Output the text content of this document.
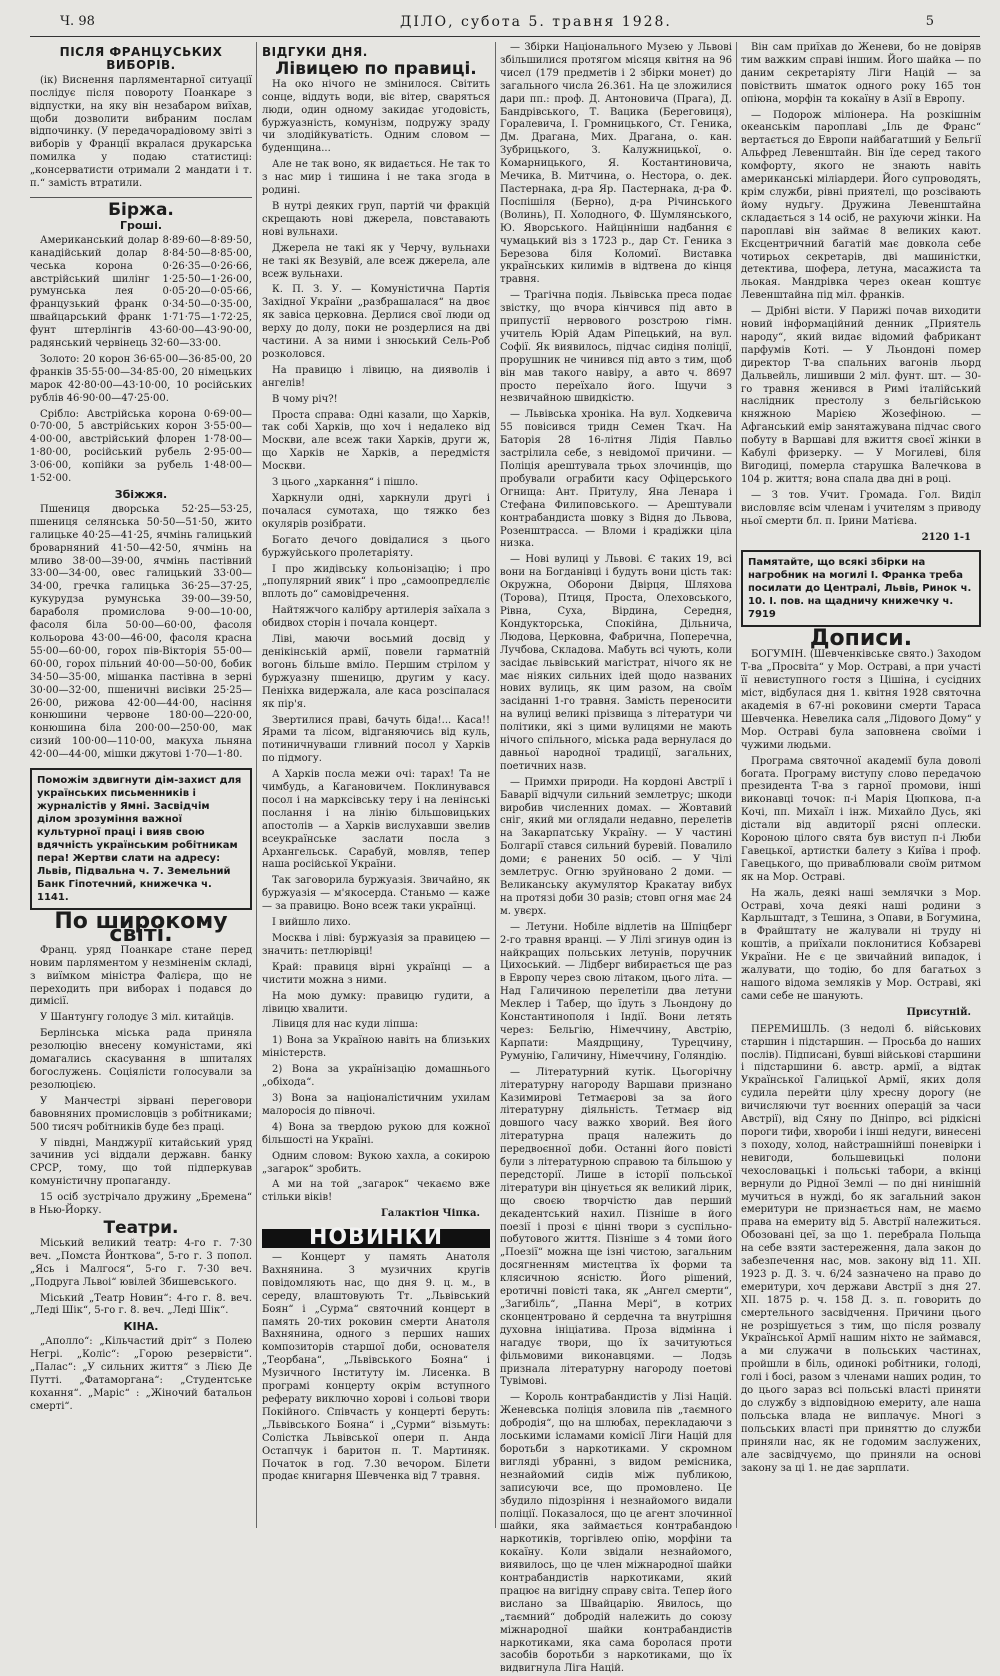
Ч. 98	ДІЛО, субота 5. травня 1928.	5
ПІСЛЯ ФРАНЦУСЬКИХ ВИБОРІВ.

(ік) Виснення парляментарної ситуації послідує після повороту Поанкаре з відпустки, на яку він незабаром виїхав, щоби дозволити вибраним послам відпочинку. (У передачорадіовому звіті з виборів у Франції вкралася друкарська помилка у подаю статистиці: „консерватисти отримали 2 мандати і т. п.“ замість втратили.

Біржа.
Гроші.

Американський долар 8·89·60—8·89·50, канадійський долар 8·84·50—8·85·00, чеська корона 0·26·35—0·26·66, австрійський шилінг 1·25·50—1·26·00, румунська лея 0·05·20—0·05·66, французький франк 0·34·50—0·35·00, швайцарський франк 1·71·75—1·72·25, фунт штерлінгів 43·60·00—43·90·00, радянський червінець 32·60—33·00.

Золото: 20 корон 36·65·00—36·85·00, 20 франків 35·55·00—34·85·00, 20 німецьких марок 42·80·00—43·10·00, 10 російських рублів 46·90·00—47·25·00.

Срібло: Австрійська корона 0·69·00—0·70·00, 5 австрійських корон 3·55·00—4·00·00, австрійський флорен 1·78·00—1·80·00, російський рубель 2·95·00—3·06·00, копійки за рубель 1·48·00—1·52·00.

Збіжжя.

Пшениця дворська 52·25—53·25, пшениця селянська 50·50—51·50, жито галицьке 40·25—41·25, ячмінь галицький броварняний 41·50—42·50, ячмінь на мливо 38·00—39·00, ячмінь пастівний 33·00—34·00, овес галицький 33·00—34·00, гречка галицька 36·25—37·25, кукурудза румунська 39·00—39·50, бараболя промислова 9·00—10·00, фасоля біла 50·00—60·00, фасоля кольорова 43·00—46·00, фасоля красна 55·00—60·00, горох пів-Вікторія 55·00—60·00, горох пільний 40·00—50·00, бобик 34·50—35·00, мішанка пастівна в зерні 30·00—32·00, пшеничні висівки 25·25—26·00, рижова 42·00—44·00, насіння конюшини червоне 180·00—220·00, конюшина біла 200·00—250·00, мак сизий 100·00—110·00, макуха льняна 42·00—44·00, мішки джутові 1·70—1·80.

Поможім здвигнути дім-захист для українських письменників і журналістів у Ямні. Засвідчім ділом зрозуміння важної культурної праці і вияв свою вдячність українським робітникам пера! Жертви слати на адресу: Львів, Підвальна ч. 7. Земельний Банк Гіпотечний, книжечка ч. 1141.
По широкому світі.

Франц. уряд Поанкаре стане перед новим парляментом у незміненім складі, з виїмком міністра Фалієра, що не переходить при виборах і подався до димісії.

У Шантунгу голодує 3 міл. китайців.

Берлінська міська рада приняла резолюцію внесену комуністами, які домагались скасування в шпиталях богослужень. Соціялісти голосували за резолюцією.

У Манчестрі зірвані переговори бавовняних промисловців з робітниками; 500 тисяч робітників буде без праці.

У півдні, Манджурії китайський уряд зачинив усі віддали державн. банку СРСР, тому, що той підперкував комуністичну пропаганду.

15 осіб зустрічало дружину „Бремена“ в Нью-Йорку.

Театри.

Міський великий театр: 4-го г. 7·30 веч. „Помста Йонткова“, 5-го г. 3 попол. „Ясь і Малгося“, 5-го г. 7·30 веч. „Подруга Львоі“ ювілей Збишевського.

Міський „Театр Новин“: 4-го г. 8. веч. „Леді Шік“, 5-го г. 8. веч. „Леді Шік“.

КІНА.

„Аполло“: „Кільчастий дріт“ з Полею Негрі. „Коліс“: „Горою резервісти“. „Палас“: „У сильних життя“ з Лією Де Путті. „Фатаморгана“: „Студентське кохання“. „Маріс“ : „Жіночий батальон смерті“.

ВІДГУКИ ДНЯ.
Лівицею по правиці.

На око нічого не змінилося. Світить сонце, віддуть води, віє вітер, сваряться люди, один одному закидає угодовість, буржуазність, комунізм, подружу зраду чи злодійкуватість. Одним словом — буденщина...

Але не так воно, як видається. Не так то з нас мир і тишина і не така згода в родині.

В нутрі деяких груп, партій чи фракцій скрещають нові джерела, повставають нові вульнахи.

Джерела не такі як у Черчу, вульнахи не такі як Везувій, але всеж джерела, але всеж вульнахи.

К. П. З. У. — Комуністична Партія Західної України „разбрашалася“ на двоє як завіса церковна. Дерлися свої люди од верху до долу, поки не роздерлися на дві частини. А за ними і знюський Сель-Роб розколовся.

На правицю і лівицю, на дияволів і ангелів!

В чому річ?!

Проста справа: Одні казали, що Харків, так собі Харків, що хоч і недалеко від Москви, але всеж таки Харків, други ж, що Харків не Харків, а передмістя Москви.

З цього „харкання“ і пішло.

Харкнули одні, харкнули другі і почалася сумотаха, що тяжко без окулярів розібрати.

Богато дечого довідалися з цього буржуйського пролетаріяту.

І про жидівську кольонізацію; і про „популярний явик“ і про „самоопредлєліє вплоть до“ самовідречення.

Найтяжчого калібру артилерія заїхала з обидвох сторін і почала концерт.

Ліві, маючи восьмий досвід у денікінській армії, повели гарматній вогонь більше вміло. Першим стрілом у буржуазну пшеницю, другим у касу. Пеніхка видержала, але каса розсіпалася як пір'я.

Звертилися праві, бачуть біда!... Каса!! Ярами та лісом, відганяючись від куль, потиничнуваши гливний посол у Харків по підмогу.

А Харків посла межи очі: тарах! Та не чимбудь, а Кагановичем. Поклинувався посол і на марксівську теру і на ленінські послання і на лінію більшовицьких апостолів — а Харків вислухавши звелив всеукраїнське заслати посла з Архангельськ. Сарабуй, мовляв, тепер наша російської України.

Так заговорила буржуазія. Звичайно, як буржуазія — м'якосерда. Станьмо — каже — за правицю. Воно всеж таки українці.

І вийшло лихо.

Москва і ліві: буржуазія за правицею — значить: петлюрівці!

Край: правиця вірні українці — а чистити можна з ними.

На мою думку: правицю гудити, а лівицю хвалити.

Лівиця для нас куди ліпша:

1) Вона за Україною навіть на близьких міністерств.

2) Вона за українізацію домашнього „обіхода“.

3) Вона за націоналістичним ухилам малоросія до півночі.

4) Вона за твердою рукою для кожної більшості на Україні.

Одним словом: Вукою хахла, а сокирою „загарок“ зробить.

А ми на той „загарок“ чекаємо вже стільки віків!

Галактіон Чіпка.
НОВИНКИ

— Концерт у память Анатоля Вахнянина. З музичних кругів повідомляють нас, що дня 9. ц. м., в середу, влаштовують Тт. „Львівський Боян“ і „Сурма“ святочний концерт в память 20-тих роковин смерти Анатоля Вахнянина, одного з перших наших композиторів старшої доби, основателя „Теорбана“, „Львівського Бояна“ і Музичного Інституту ім. Лисенка. В програмі концерту окрім вступного реферату виключно хорові і сольові твори Покійного. Співчасть у концерті беруть: „Львівського Бояна“ і „Сурми“ візьмуть: Солістка Львівської опери п. Анда Остапчук і баритон п. Т. Мартиняк. Початок в год. 7.30 вечором. Білети продає книгарня Шевченка від 7 травня.

— Збірки Національного Музею у Львові збільшилися протягом місяця квітня на 96 чисел (179 предметів і 2 збірки монет) до загального числа 26.361. На це зложилися дари пп.: проф. Д. Антоновича (Прага), Д. Бандрівського, Т. Вацика (Береговиця), Горалевича, І. Громницького, Ст. Геника, Дм. Драгана, Мих. Драгана, о. кан. Зубрицького, З. Калужницької, о. Комарницького, Я. Костантиновича, Мечика, В. Митчина, о. Нестора, о. дек. Пастернака, д-ра Яр. Пастернака, д-ра Ф. Поспішіля (Берно), д-ра Річинського (Волинь), П. Холодного, Ф. Шумлянського, Ю. Яворського. Найцінніши надбання є чумацький віз з 1723 р., дар Ст. Геника з Березова біля Коломиї. Виставка українських килимів в відтвена до кінця травня.

— Трагічна подія. Львівська преса подає звістку, що вчора кінчився під авто в припустії нервового розстрою гімн. учитель Юрій Адам Ріпецький, на вул. Софії. Як виявилось, підчас сидіня поліції, прорушник не чинився під авто з тим, щоб він мав такого навіру, а авто ч. 8697 просто переїхало його. Іщучи з незвичайною швидкістю.

— Львівська хроніка. На вул. Ходкевича 55 повісився тридн Семен Ткач. На Баторія 28 16-літня Лідія Павльо застрілила себе, з невідомої причини. — Поліція арештувала трьох злочинців, що пробували ограбити касу Офіцерського Огнища: Ант. Притулу, Яна Ленара і Стефана Филиповського. — Арештували контрабандиста шовку з Відня до Львова, Розенштрасса. — Вломи і крадіжки ціла низка.

— Нові вулиці у Львові. Є таких 19, всі вони на Богданівці і будуть вони цість так: Окружна, Оборони Двірця, Шляхова (Торова), Птиця, Проста, Олеховського, Рівна, Суха, Вірдина, Середня, Кондукторська, Спокійна, Дільнича, Людова, Церковна, Фабрична, Поперечна, Лучбова, Складова. Мабуть всі чують, коли засідає львівський магістрат, нічого як не має ніяких сильних ідей щодо названих нових вулиць, як цим разом, на своїм засіданні 1-го травня. Замість переносити на вулиці великі прізвища з літератури чи політики, які з цими вулицями не мають нічого спільного, міська рада вернулася до давньої народної традиції, загальних, поетичних назв.

— Примхи природи. На кордоні Австрії і Баварії відчули сильний землетрус; шкоди виробив численних домах. — Жовтавий сніг, який ми оглядали недавно, перелетів на Закарпатську Україну. — У частині Болгарії стався сильний буревій. Повалило доми; є ранених 50 осіб. — У Чілі землетрус. Огню зруйновано 2 доми. — Великанську акумулятор Кракатау вибух на протязі доби 30 разів; стовп огня має 24 м. увєрх.

— Летуни. Нобіле відлетів на Шпіцберг 2-го травня вранці. — У Лілі згинув один із найкращих польських летунів, поручник Цихоський. — Лідберг вибирається ще раз в Европу через свою літаком, цього літа. — Над Галичиною перелетіли два летуни Меклер і Табер, що їдуть з Льондону до Константинополя і Індії. Вони летять через: Бельгію, Німеччину, Австрію, Карпати: Маядрщину, Турецчину, Румунію, Галичину, Німеччину, Голяндію.

— Літературний кутік. Цьогорічну літературну нагороду Варшави признано Казимирові Тетмаєрові за за його літературну діяльність. Тетмаєр від довшого часу важко хворий. Вея його літературна праця належить до передвоєнної доби. Останні його повісті були з літературною справою та більшою у передсторії. Лише в історії польської літератури він цінується як великий лірик, що своєю творчістю дав перший декадентський нахил. Пізніше в його поезії і прозі є цінні твори з суспільно-побутового життя. Пізніше з 4 томи його „Поезії“ можна ще ізні чистою, загальним досягненням мистецтва їх форми та клясичною ясністю. Його рішений, еротичні повісті така, як „Ангел смерти“, „Загибіль“, „Панна Мері“, в котрих сконцентровано й сердечна та внутрішня духовна ініціатива. Проза відмінна і нагадує твори, що їх зачитуються фільмовими виконавцями. — Лодзь признала літературну нагороду поетові Тувімові.

— Король контрабандистів у Лізі Націй. Женевська поліція зловила пів „таємного добродія“, що на шлюбах, перекладаючи з лоськими ісламами комісії Ліги Націй для боротьби з наркотиками. У скромном вигляді убранні, з видом ремісника, незнайомий сидів між публикою, записуючи все, що промовлено. Це збудило підозріння і незнайомого видали поліції. Показалося, що це агент злочинної шайки, яка займається контрабандою наркотиків, торгівлею опію, морфіни та кокаїну. Коли звідали незнайомого, виявилось, що це член міжнародної шайки контрабандистів наркотиками, який працює на вигідну справу світа. Тепер його вислано за Швайцарію. Явилось, що „таємний“ добродій належить до союзу міжнародної шайки контрабандистів наркотиками, яка сама боролася проти засобів боротьби з наркотиками, що їх видвигнула Ліга Націй.

Він сам приїхав до Женеви, бо не довіряв тим важким справі іншим. Його шайка — по даним секретаріяту Ліги Націй — за повіствить шматок одного року 165 тон опіюна, морфін та кокаїну в Азії в Европу.

— Подорож міліонера. На розкішнім океанськім пароплаві „Іль де Франс“ вертається до Европи найбагатший у Бельгії Альфред Левенштайн. Він їде серед такого комфорту, якого не знають навіть американські міліардери. Його супроводять, крім служби, рівні приятелі, що розсівають йому нудьгу. Дружина Левенштайна складається з 14 осіб, не рахуючи жінки. На пароплаві він займає 8 великих кают. Ексцентричний багатій має довкола себе чотирьох секретарів, дві машиністки, детектива, шофера, летуна, масажиста та льокая. Мандрівка через океан коштує Левенштайна під міл. франків.

— Дрібні вісти. У Парижі почав виходити новий інформаційний денник „Приятель народу“, який видає відомий фабрикант парфумів Коті. — У Льондоні помер директор Т-ва спальних вагонів льорд Дальвейль, лишивши 2 міл. фунт. шт. — 30-го травня женився в Римі італійський наслідник престолу з бельгійською княжною Марією Жозефіною. — Афганський емір занятажувана підчас свого побуту в Варшаві для вжиття своєї жінки в Кабулі фризерку. — У Могилеві, біля Вигодиці, померла старушка Валечкова в 104 р. життя; вона спала два дні в році.

— З тов. Учит. Громада. Гол. Виділ висловляє всім членам і учителям з приводу ньої смерти бл. п. Ірини Матієва.

2120 1-1
Памятайте, що всякі збірки на нагробник на могилі І. Франка треба посилати до Централі, Львів, Ринок ч. 10. І. пов. на щадничу книжечку ч. 7919
Дописи.

БОГУМІН. (Шевченківське свято.) Заходом Т-ва „Просвіта“ у Мор. Остраві, а при участі її невиступного гостя з Цішіна, і сусідних міст, відбулася дня 1. квітня 1928 святочна академія в 67-ні роковини смерти Тараса Шевченка. Невелика саля „Лідового Дому“ у Мор. Остраві була заповнена своїми і чужими людьми.

Програма святочної академії була доволі богата. Програму виступу слово передачою президента Т-ва з гарної промови, інші виконавці точок: п-і Марія Цюпкова, п-а Кочі, пп. Михаїл і інж. Михайло Дусь, які дістали від авдиторії рясні оплески. Короною цілого свята був виступ п-і Люби Гавецької, артистки балету з Київа і проф. Гавецького, що приваблювали своїм ритмом як на Мор. Остраві.

На жаль, деякі наші землячки з Мор. Остраві, хоча деякі наші родини з Карльштадт, з Тешина, з Опави, в Богумина, в Фрайштату не жалували ні труду ні коштів, а приїхали поклонитися Кобзареві України. Не є це звичайний випадок, і жалувати, що тодію, бо для багатьох з нашого відома земляків у Мор. Остраві, які сами себе не шанують.

Присутній.

ПЕРЕМИШЛЬ. (З недолі б. військових старшин і підстаршин. — Просьба до наших послів). Підписані, бувші військові старшини і підстаршини 6. австр. армії, а відтак Української Галицької Армії, яких доля судила перейти цілу хресну дорогу (не вичисляючи тут воєнних операцій за часи Австрії), від Сяну по Дніпро, всі рідкісні пороги тифи, хвороби і інші недуги, винесені з походу, холод, найстрашнійші поневірки і невигоди, большевицькі полони чехословацькі і польські табори, а вкінці вернули до Рідної Землі — по дні нинішній мучиться в нужді, бо як загальний закон емеритури не признається нам, не маємо права на емериту від 5. Австрії належиться. Обозовані цеї, за що 1. перебрала Польща на себе взяти застереження, дала закон до забезпечення нас, мов. закону від 11. XII. 1923 р. Д. З. ч. 6/24 зазначено на право до емеритури, хоч держави Австрії з дня 27. XII. 1875 р. ч. 158 Д. з. п. говорить до смертельного засвідчення. Причини цього не розрішується з тим, що після розвалу Української Армії нашим ніхто не займався, а ми служачи в польських частинах, пройшли в біль, одинокі робітники, голоді, голі і босі, разом з членами наших родин, то до цього зараз всі польські власті приняти до службу з відповідною емериту, але наша польська влада не виплачує. Многі з польських власті при приняттю до служби приняли нас, як не годомим заслужених, але засвідчуємо, що приняли на основі закону за ці 1. не дає зарплати.
